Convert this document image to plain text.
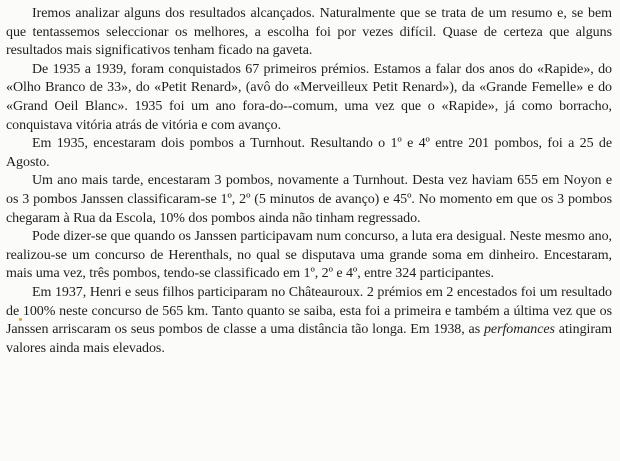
Iremos analizar alguns dos resultados alcançados. Naturalmente que se trata de um resumo e, se bem que tentassemos seleccionar os melhores, a escolha foi por vezes difícil. Quase de certeza que alguns resultados mais significativos tenham ficado na gaveta.

De 1935 a 1939, foram conquistados 67 primeiros prémios. Estamos a falar dos anos do «Rapide», do «Olho Branco de 33», do «Petit Renard», (avô do «Merveilleux Petit Renard»), da «Grande Femelle» e do «Grand Oeil Blanc». 1935 foi um ano fora-do--comum, uma vez que o «Rapide», já como borracho, conquistava vitória atrás de vitória e com avanço.

Em 1935, encestaram dois pombos a Turnhout. Resultando o 1º e 4º entre 201 pombos, foi a 25 de Agosto.

Um ano mais tarde, encestaram 3 pombos, novamente a Turnhout. Desta vez haviam 655 em Noyon e os 3 pombos Janssen classificaram-se 1º, 2º (5 minutos de avanço) e 45º. No momento em que os 3 pombos chegaram à Rua da Escola, 10% dos pombos ainda não tinham regressado.

Pode dizer-se que quando os Janssen participavam num concurso, a luta era desigual. Neste mesmo ano, realizou-se um concurso de Herenthals, no qual se disputava uma grande soma em dinheiro. Encestaram, mais uma vez, três pombos, tendo-se classificado em 1º, 2º e 4º, entre 324 participantes.

Em 1937, Henri e seus filhos participaram no Châteauroux. 2 prémios em 2 encestados foi um resultado de 100% neste concurso de 565 km. Tanto quanto se saiba, esta foi a primeira e também a última vez que os Janssen arriscaram os seus pombos de classe a uma distância tão longa. Em 1938, as perfomances atingiram valores ainda mais elevados.
